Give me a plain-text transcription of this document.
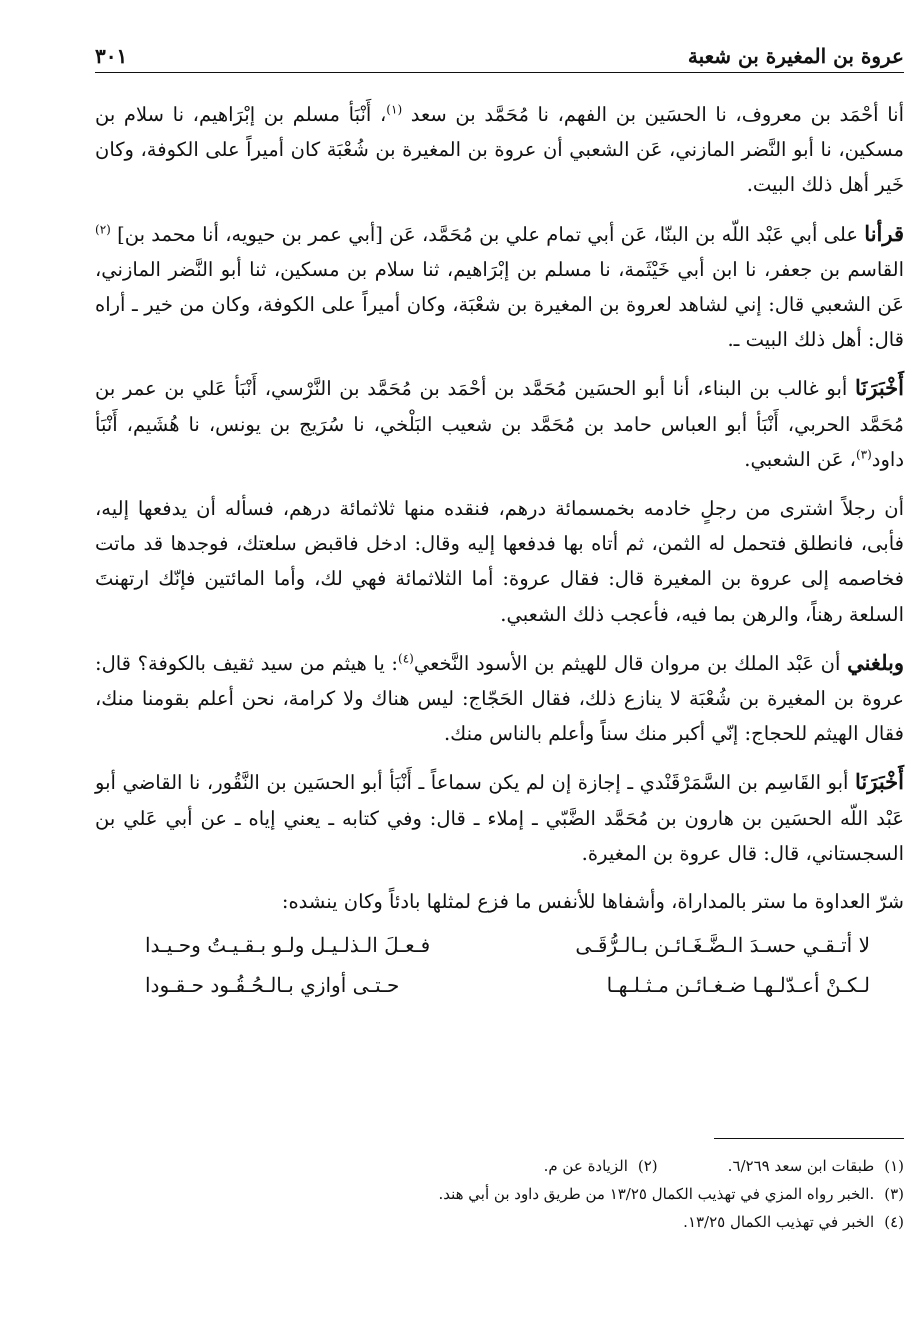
عروة بن المغيرة بن شعبة
٣٠١

أنا أحْمَد بن معروف، نا الحسَين بن الفهم، نا مُحَمَّد بن سعد $^{(١)}$، أَنْبَأ مسلم بن إبْرَاهيم، نا سلام بن مسكين، نا أبو النَّضر المازني، عَن الشعبي أن عروة بن المغيرة بن شُعْبَة كان أميراً على الكوفة، وكان خَير أهل ذلك البيت.

قرأنا على أبي عَبْد اللّه بن البنّا، عَن أبي تمام علي بن مُحَمَّد، عَن [أبي عمر بن حيويه، أنا محمد بن] $^{(٢)}$ القاسم بن جعفر، نا ابن أبي خَيْثَمة، نا مسلم بن إبْرَاهيم، ثنا سلام بن مسكين، ثنا أبو النَّضر المازني، عَن الشعبي قال: إني لشاهد لعروة بن المغيرة بن شعْبَة، وكان أميراً على الكوفة، وكان من خير ـ أراه قال: أهل ذلك البيت ـ.

أَخْبَرَنَا أبو غالب بن البناء، أنا أبو الحسَين مُحَمَّد بن أحْمَد بن مُحَمَّد بن النَّرْسي، أَنْبَأ عَلي بن عمر بن مُحَمَّد الحربي، أَنْبَأ أبو العباس حامد بن مُحَمَّد بن شعيب البَلْخي، نا سُرَيج بن يونس، نا هُشَيم، أَنْبَأ داود$^{(٣)}$، عَن الشعبي.

أن رجلاً اشترى من رجلٍ خادمه بخمسمائة درهم، فنقده منها ثلاثمائة درهم، فسأله أن يدفعها إليه، فأبى، فانطلق فتحمل له الثمن، ثم أتاه بها فدفعها إليه وقال: ادخل فاقبض سلعتك، فوجدها قد ماتت فخاصمه إلى عروة بن المغيرة قال: فقال عروة: أما الثلاثمائة فهي لك، وأما المائتين فإنّك ارتهنتَ السلعة رهناً، والرهن بما فيه، فأعجب ذلك الشعبي.

وبلغني أن عَبْد الملك بن مروان قال للهيثم بن الأسود النَّخعي$^{(٤)}$: يا هيثم من سيد ثقيف بالكوفة؟ قال: عروة بن المغيرة بن شُعْبَة لا ينازع ذلك، فقال الحَجّاج: ليس هناك ولا كرامة، نحن أعلم بقومنا منك، فقال الهيثم للحجاج: إنّي أكبر منك سناً وأعلم بالناس منك.

أَخْبَرَنَا أبو القَاسِم بن السَّمَرْقَنْدي ـ إجازة إن لم يكن سماعاً ـ أَنْبَأ أبو الحسَين بن النَّقُور، نا القاضي أبو عَبْد اللّه الحسَين بن هارون بن مُحَمَّد الضَّبّي ـ إملاء ـ قال: وفي كتابه ـ يعني إياه ـ عن أبي عَلي بن السجستاني، قال: قال عروة بن المغيرة.

شرّ العداوة ما ستر بالمداراة، وأشفاها للأنفس ما فزع لمثلها بادئاً وكان ينشده:

لا أتـقـي حسـدَ الـضَّـغَـائـن بـالـرُّقَـى
فـعـلَ الـذلـيـل ولـو بـقـيـتُ وحـيـدا
لـكـنْ أعـدّلـهـا ضـغـائـن مـثـلـهـا
حـتـى أوازي بـالـحُـقُـود حـقـودا
(١)طبقات ابن سعد ٦/٢٦٩.
(٢)الزيادة عن م.
(٣).الخبر رواه المزي في تهذيب الكمال ١٣/٢٥ من طريق داود بن أبي هند.
(٤)الخبر في تهذيب الكمال ١٣/٢٥.
